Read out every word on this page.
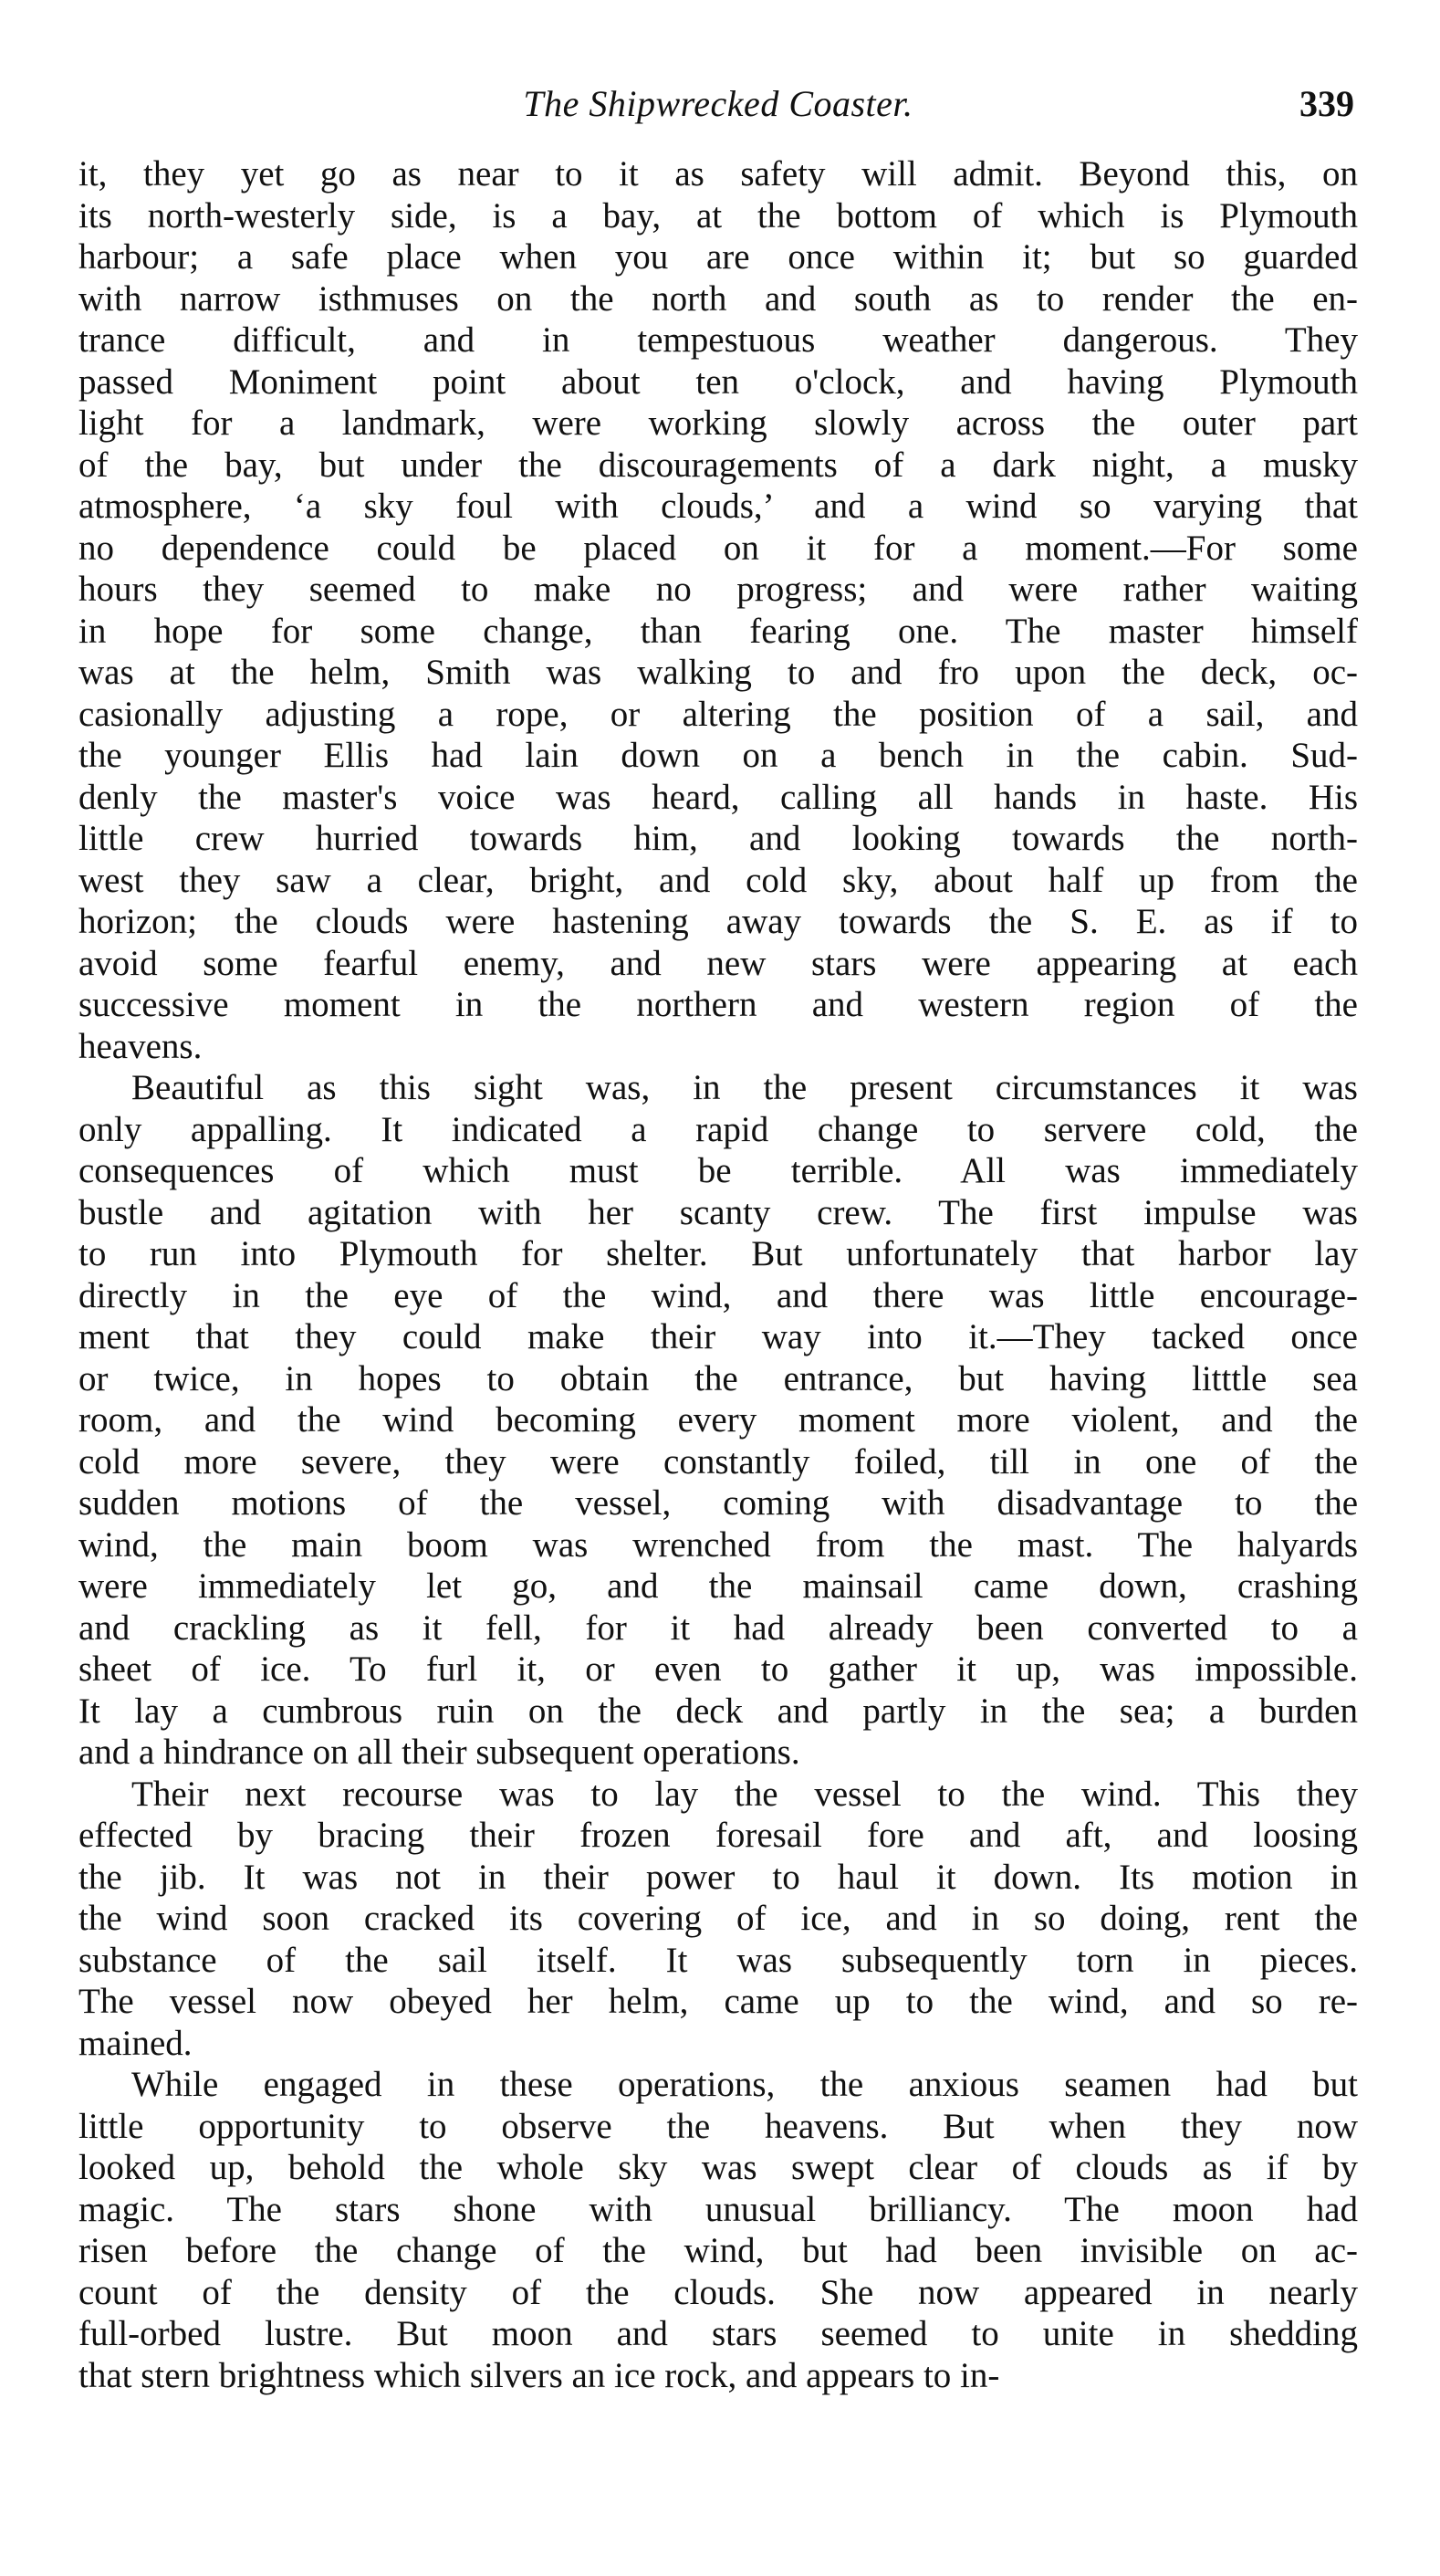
The Shipwrecked Coaster.	339
it, they yet go as near to it as safety will admit. Beyond this, on
its north-westerly side, is a bay, at the bottom of which is Plymouth
harbour; a safe place when you are once within it; but so guarded
with narrow isthmuses on the north and south as to render the en-
trance difficult, and in tempestuous weather dangerous. They
passed Moniment point about ten o'clock, and having Plymouth
light for a landmark, were working slowly across the outer part
of the bay, but under the discouragements of a dark night, a musky
atmosphere, ‘a sky foul with clouds,’ and a wind so varying that
no dependence could be placed on it for a moment.—For some
hours they seemed to make no progress; and were rather waiting
in hope for some change, than fearing one. The master himself
was at the helm, Smith was walking to and fro upon the deck, oc-
casionally adjusting a rope, or altering the position of a sail, and
the younger Ellis had lain down on a bench in the cabin. Sud-
denly the master's voice was heard, calling all hands in haste. His
little crew hurried towards him, and looking towards the north-
west they saw a clear, bright, and cold sky, about half up from the
horizon; the clouds were hastening away towards the S. E. as if to
avoid some fearful enemy, and new stars were appearing at each
successive moment in the northern and western region of the
heavens.
Beautiful as this sight was, in the present circumstances it was
only appalling. It indicated a rapid change to servere cold, the
consequences of which must be terrible. All was immediately
bustle and agitation with her scanty crew. The first impulse was
to run into Plymouth for shelter. But unfortunately that harbor lay
directly in the eye of the wind, and there was little encourage-
ment that they could make their way into it.—They tacked once
or twice, in hopes to obtain the entrance, but having litttle sea
room, and the wind becoming every moment more violent, and the
cold more severe, they were constantly foiled, till in one of the
sudden motions of the vessel, coming with disadvantage to the
wind, the main boom was wrenched from the mast. The halyards
were immediately let go, and the mainsail came down, crashing
and crackling as it fell, for it had already been converted to a
sheet of ice. To furl it, or even to gather it up, was impossible.
It lay a cumbrous ruin on the deck and partly in the sea; a burden
and a hindrance on all their subsequent operations.
Their next recourse was to lay the vessel to the wind. This they
effected by bracing their frozen foresail fore and aft, and loosing
the jib. It was not in their power to haul it down. Its motion in
the wind soon cracked its covering of ice, and in so doing, rent the
substance of the sail itself. It was subsequently torn in pieces.
The vessel now obeyed her helm, came up to the wind, and so re-
mained.
While engaged in these operations, the anxious seamen had but
little opportunity to observe the heavens. But when they now
looked up, behold the whole sky was swept clear of clouds as if by
magic. The stars shone with unusual brilliancy. The moon had
risen before the change of the wind, but had been invisible on ac-
count of the density of the clouds. She now appeared in nearly
full-orbed lustre. But moon and stars seemed to unite in shedding
that stern brightness which silvers an ice rock, and appears to in-
